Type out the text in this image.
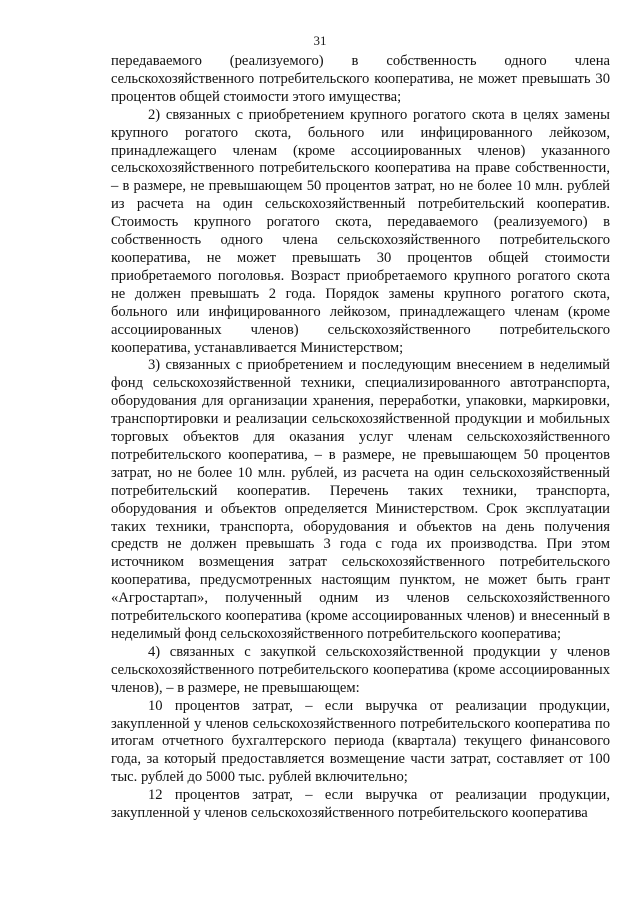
31

передаваемого (реализуемого) в собственность одного члена сельскохозяйственного потребительского кооператива, не может превышать 30 процентов общей стоимости этого имущества;

2) связанных с приобретением крупного рогатого скота в целях замены крупного рогатого скота, больного или инфицированного лейкозом, принадлежащего членам (кроме ассоциированных членов) указанного сельскохозяйственного потребительского кооператива на праве собственности, – в размере, не превышающем 50 процентов затрат, но не более 10 млн. рублей из расчета на один сельскохозяйственный потребительский кооператив. Стоимость крупного рогатого скота, передаваемого (реализуемого) в собственность одного члена сельскохозяйственного потребительского кооператива, не может превышать 30 процентов общей стоимости приобретаемого поголовья. Возраст приобретаемого крупного рогатого скота не должен превышать 2 года. Порядок замены крупного рогатого скота, больного или инфицированного лейкозом, принадлежащего членам (кроме ассоциированных членов) сельскохозяйственного потребительского кооператива, устанавливается Министерством;

3) связанных с приобретением и последующим внесением в неделимый фонд сельскохозяйственной техники, специализированного автотранспорта, оборудования для организации хранения, переработки, упаковки, маркировки, транспортировки и реализации сельскохозяйственной продукции и мобильных торговых объектов для оказания услуг членам сельскохозяйственного потребительского кооператива, – в размере, не превышающем 50 процентов затрат, но не более 10 млн. рублей, из расчета на один сельскохозяйственный потребительский кооператив. Перечень таких техники, транспорта, оборудования и объектов определяется Министерством. Срок эксплуатации таких техники, транспорта, оборудования и объектов на день получения средств не должен превышать 3 года с года их производства. При этом источником возмещения затрат сельскохозяйственного потребительского кооператива, предусмотренных настоящим пунктом, не может быть грант «Агростартап», полученный одним из членов сельскохозяйственного потребительского кооператива (кроме ассоциированных членов) и внесенный в неделимый фонд сельскохозяйственного потребительского кооператива;

4) связанных с закупкой сельскохозяйственной продукции у членов сельскохозяйственного потребительского кооператива (кроме ассоциированных членов), – в размере, не превышающем:

10 процентов затрат, – если выручка от реализации продукции, закупленной у членов сельскохозяйственного потребительского кооператива по итогам отчетного бухгалтерского периода (квартала) текущего финансового года, за который предоставляется возмещение части затрат, составляет от 100 тыс. рублей до 5000 тыс. рублей включительно;

12 процентов затрат, – если выручка от реализации продукции, закупленной у членов сельскохозяйственного потребительского кооператива
